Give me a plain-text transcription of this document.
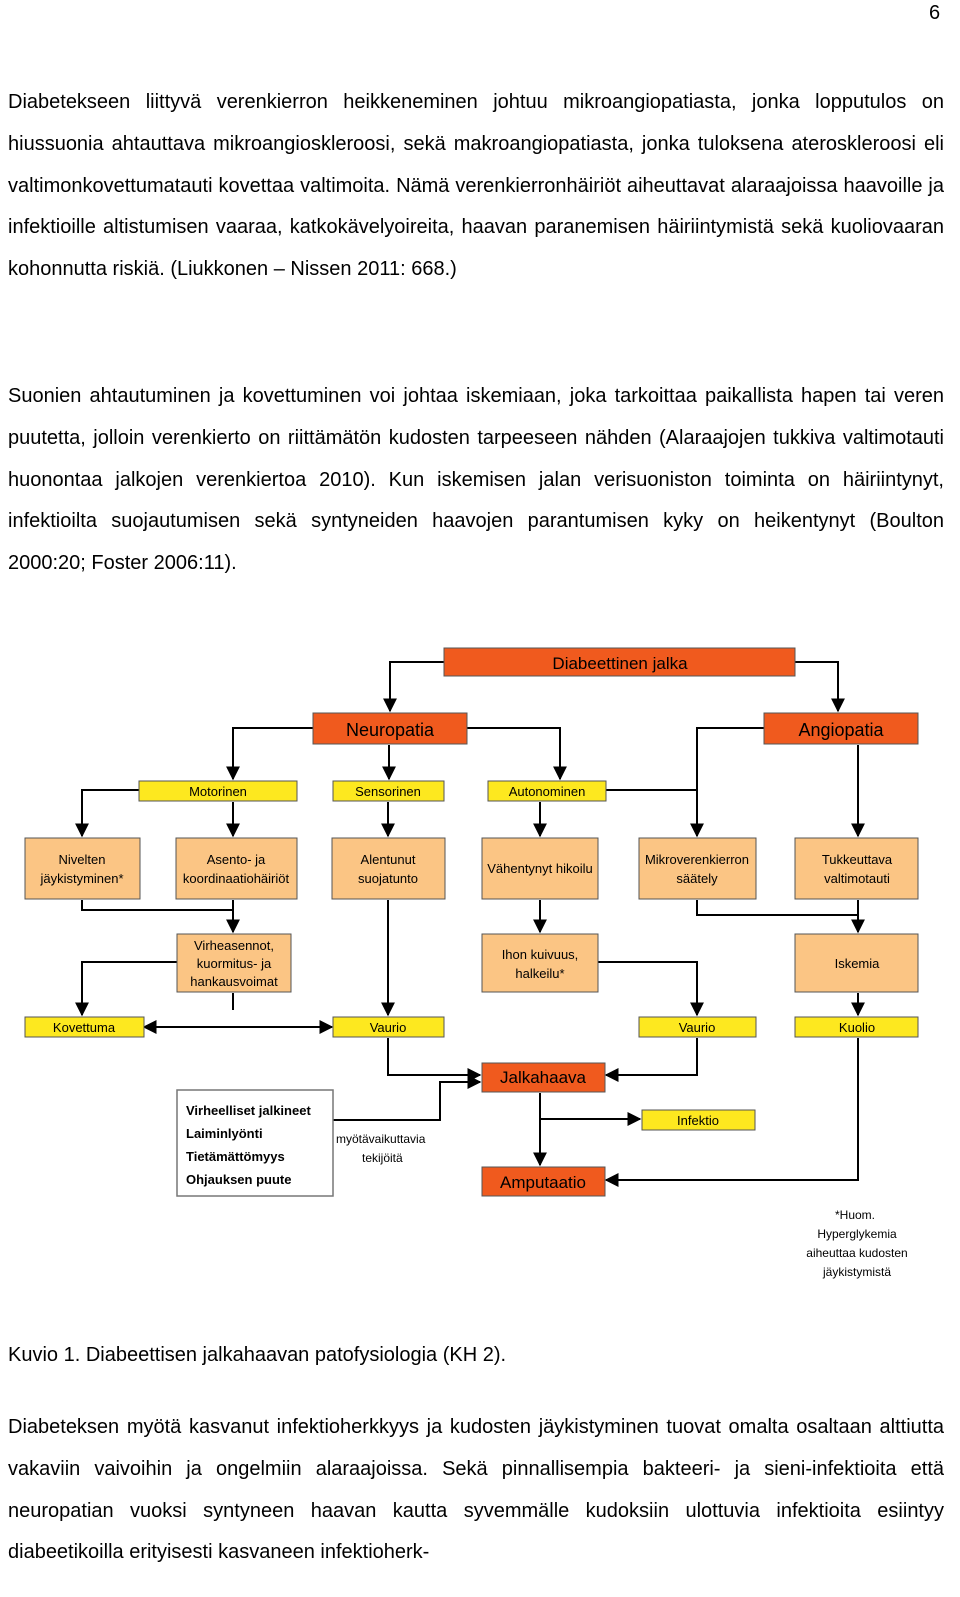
6

Diabetekseen liittyvä verenkierron heikkeneminen johtuu mikroangiopatiasta, jonka lopputulos on hiussuonia ahtauttava mikroangioskleroosi, sekä makroangiopatiasta, jonka tuloksena ateroskleroosi eli valtimonkovettumatauti kovettaa valtimoita. Nämä verenkierronhäiriöt aiheuttavat alaraajoissa haavoille ja infektioille altistumisen vaaraa, katkokävelyoireita, haavan paranemisen häiriintymistä sekä kuoliovaaran kohonnutta riskiä. (Liukkonen – Nissen 2011: 668.)

Suonien ahtautuminen ja kovettuminen voi johtaa iskemiaan, joka tarkoittaa paikallista hapen tai veren puutetta, jolloin verenkierto on riittämätön kudosten tarpeeseen nähden (Alaraajojen tukkiva valtimotauti huonontaa jalkojen verenkiertoa 2010). Kun iskemisen jalan verisuoniston toiminta on häiriintynyt, infektioilta suojautumisen sekä syntyneiden haavojen parantumisen kyky on heikentynyt (Boulton 2000:20; Foster 2006:11).

Diabeettinen jalka
Neuropatia	Angiopatia
Motorinen	Sensorinen	Autonominen
Nivelten
jäykistyminen*
Asento- ja
koordinaatiohäiriöt
Alentunut
suojatunto
Vähentynyt hikoilu
Mikroverenkierron
säätely
Tukkeuttava
valtimotauti
Virheasennot,
kuormitus- ja
hankausvoimat
Ihon kuivuus,
halkeilu*
Iskemia
Kovettuma	Vaurio	Vaurio	Kuolio
Jalkahaava
Infektio
Amputaatio
Virheelliset jalkineet
Laiminlyönti
Tietämättömyys
Ohjauksen puute
myötävaikuttavia
tekijöitä
*Huom.
Hyperglykemia
aiheuttaa kudosten
jäykistymistä

Kuvio 1. Diabeettisen jalkahaavan patofysiologia (KH 2).

Diabeteksen myötä kasvanut infektioherkkyys ja kudosten jäykistyminen tuovat omalta osaltaan alttiutta vakaviin vaivoihin ja ongelmiin alaraajoissa. Sekä pinnallisempia bakteeri- ja sieni-infektioita että neuropatian vuoksi syntyneen haavan kautta syvemmälle kudoksiin ulottuvia infektioita esiintyy diabeetikoilla erityisesti kasvaneen infektioherk-
